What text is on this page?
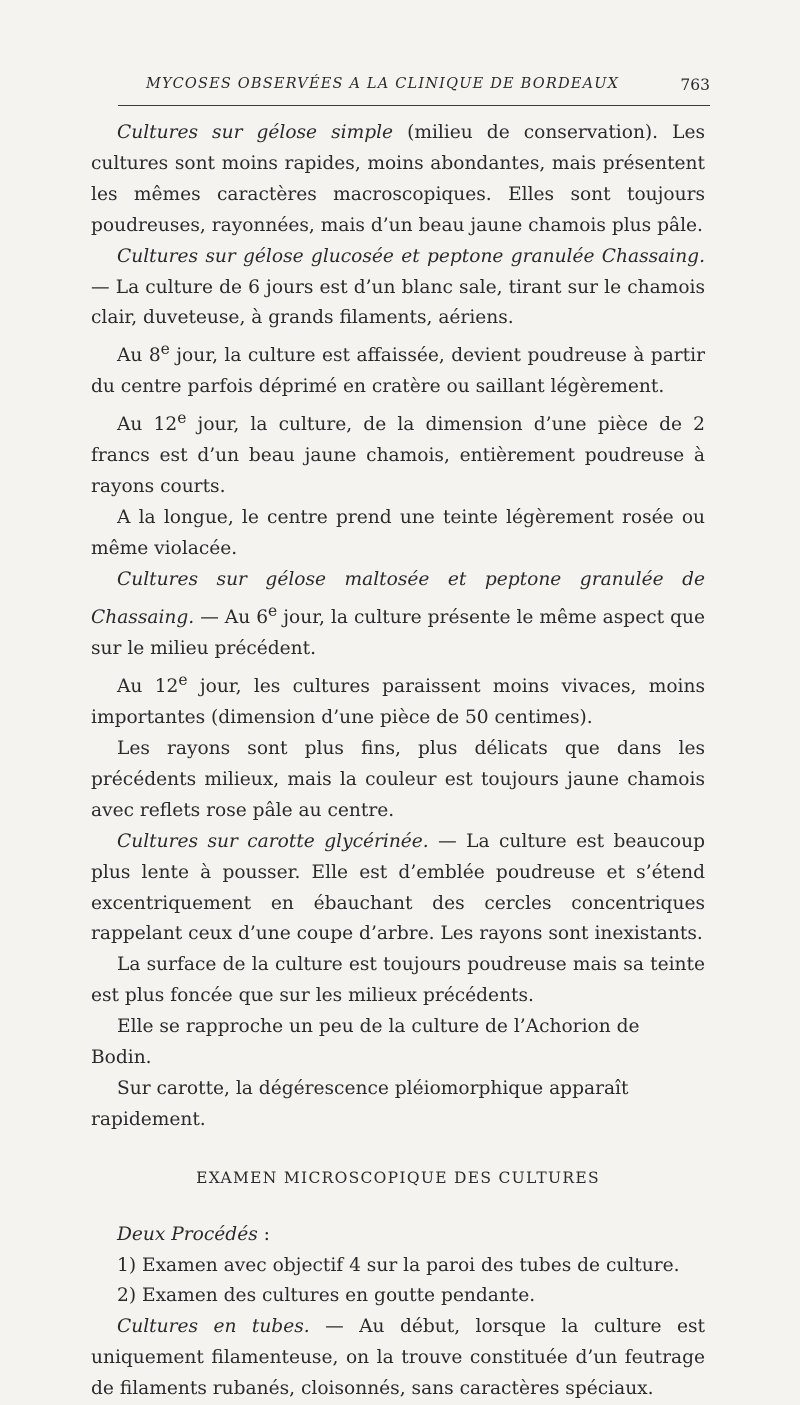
MYCOSES OBSERVÉES A LA CLINIQUE DE BORDEAUX	763

Cultures sur gélose simple (milieu de conservation). Les cultures sont moins rapides, moins abondantes, mais présentent les mêmes caractères macroscopiques. Elles sont toujours poudreuses, rayonnées, mais d’un beau jaune chamois plus pâle.

Cultures sur gélose glucosée et peptone granulée Chassaing. — La culture de 6 jours est d’un blanc sale, tirant sur le chamois clair, duveteuse, à grands filaments, aériens.

Au 8e jour, la culture est affaissée, devient poudreuse à partir du centre parfois déprimé en cratère ou saillant légèrement.

Au 12e jour, la culture, de la dimension d’une pièce de 2 francs est d’un beau jaune chamois, entièrement poudreuse à rayons courts.

A la longue, le centre prend une teinte légèrement rosée ou même violacée.

Cultures sur gélose maltosée et peptone granulée de Chassaing. — Au 6e jour, la culture présente le même aspect que sur le milieu précédent.

Au 12e jour, les cultures paraissent moins vivaces, moins importantes (dimension d’une pièce de 50 centimes).

Les rayons sont plus fins, plus délicats que dans les précédents milieux, mais la couleur est toujours jaune chamois avec reflets rose pâle au centre.

Cultures sur carotte glycérinée. — La culture est beaucoup plus lente à pousser. Elle est d’emblée poudreuse et s’étend excentriquement en ébauchant des cercles concentriques rappelant ceux d’une coupe d’arbre. Les rayons sont inexistants.

La surface de la culture est toujours poudreuse mais sa teinte est plus foncée que sur les milieux précédents.

Elle se rapproche un peu de la culture de l’Achorion de Bodin.

Sur carotte, la dégérescence pléiomorphique apparaît rapidement.

EXAMEN MICROSCOPIQUE DES CULTURES

Deux Procédés :

1) Examen avec objectif 4 sur la paroi des tubes de culture.
2) Examen des cultures en goutte pendante.

Cultures en tubes. — Au début, lorsque la culture est uniquement filamenteuse, on la trouve constituée d’un feutrage de filaments rubanés, cloisonnés, sans caractères spéciaux.
